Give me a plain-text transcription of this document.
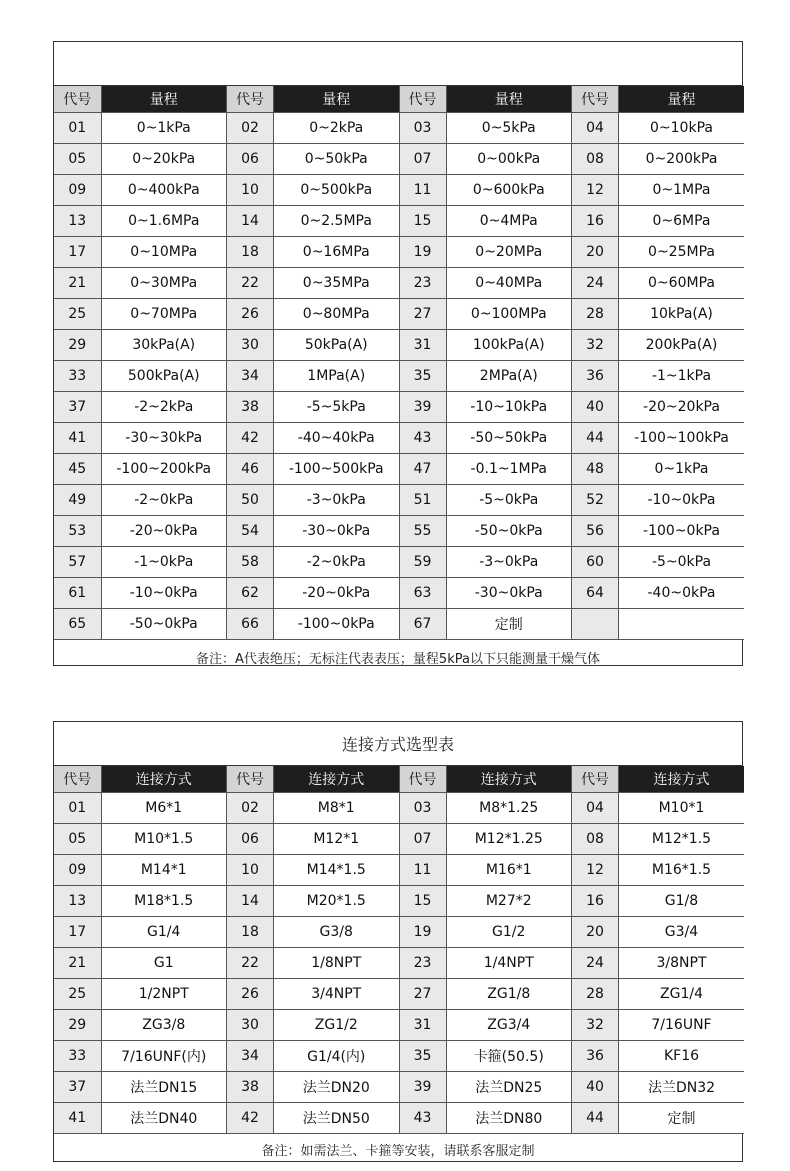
代号	量程	代号	量程	代号	量程	代号	量程
01	0~1kPa	02	0~2kPa	03	0~5kPa	04	0~10kPa
05	0~20kPa	06	0~50kPa	07	0~00kPa	08	0~200kPa
09	0~400kPa	10	0~500kPa	11	0~600kPa	12	0~1MPa
13	0~1.6MPa	14	0~2.5MPa	15	0~4MPa	16	0~6MPa
17	0~10MPa	18	0~16MPa	19	0~20MPa	20	0~25MPa
21	0~30MPa	22	0~35MPa	23	0~40MPa	24	0~60MPa
25	0~70MPa	26	0~80MPa	27	0~100MPa	28	10kPa(A)
29	30kPa(A)	30	50kPa(A)	31	100kPa(A)	32	200kPa(A)
33	500kPa(A)	34	1MPa(A)	35	2MPa(A)	36	-1~1kPa
37	-2~2kPa	38	-5~5kPa	39	-10~10kPa	40	-20~20kPa
41	-30~30kPa	42	-40~40kPa	43	-50~50kPa	44	-100~100kPa
45	-100~200kPa	46	-100~500kPa	47	-0.1~1MPa	48	0~1kPa
49	-2~0kPa	50	-3~0kPa	51	-5~0kPa	52	-10~0kPa
53	-20~0kPa	54	-30~0kPa	55	-50~0kPa	56	-100~0kPa
57	-1~0kPa	58	-2~0kPa	59	-3~0kPa	60	-5~0kPa
61	-10~0kPa	62	-20~0kPa	63	-30~0kPa	64	-40~0kPa
65	-50~0kPa	66	-100~0kPa	67	定制		
备注：A代表绝压；无标注代表表压；量程5kPa以下只能测量干燥气体
连接方式选型表
代号	连接方式	代号	连接方式	代号	连接方式	代号	连接方式
01	M6*1	02	M8*1	03	M8*1.25	04	M10*1
05	M10*1.5	06	M12*1	07	M12*1.25	08	M12*1.5
09	M14*1	10	M14*1.5	11	M16*1	12	M16*1.5
13	M18*1.5	14	M20*1.5	15	M27*2	16	G1/8
17	G1/4	18	G3/8	19	G1/2	20	G3/4
21	G1	22	1/8NPT	23	1/4NPT	24	3/8NPT
25	1/2NPT	26	3/4NPT	27	ZG1/8	28	ZG1/4
29	ZG3/8	30	ZG1/2	31	ZG3/4	32	7/16UNF
33	7/16UNF(内)	34	G1/4(内)	35	卡箍(50.5)	36	KF16
37	法兰DN15	38	法兰DN20	39	法兰DN25	40	法兰DN32
41	法兰DN40	42	法兰DN50	43	法兰DN80	44	定制
备注：如需法兰、卡箍等安装，请联系客服定制
